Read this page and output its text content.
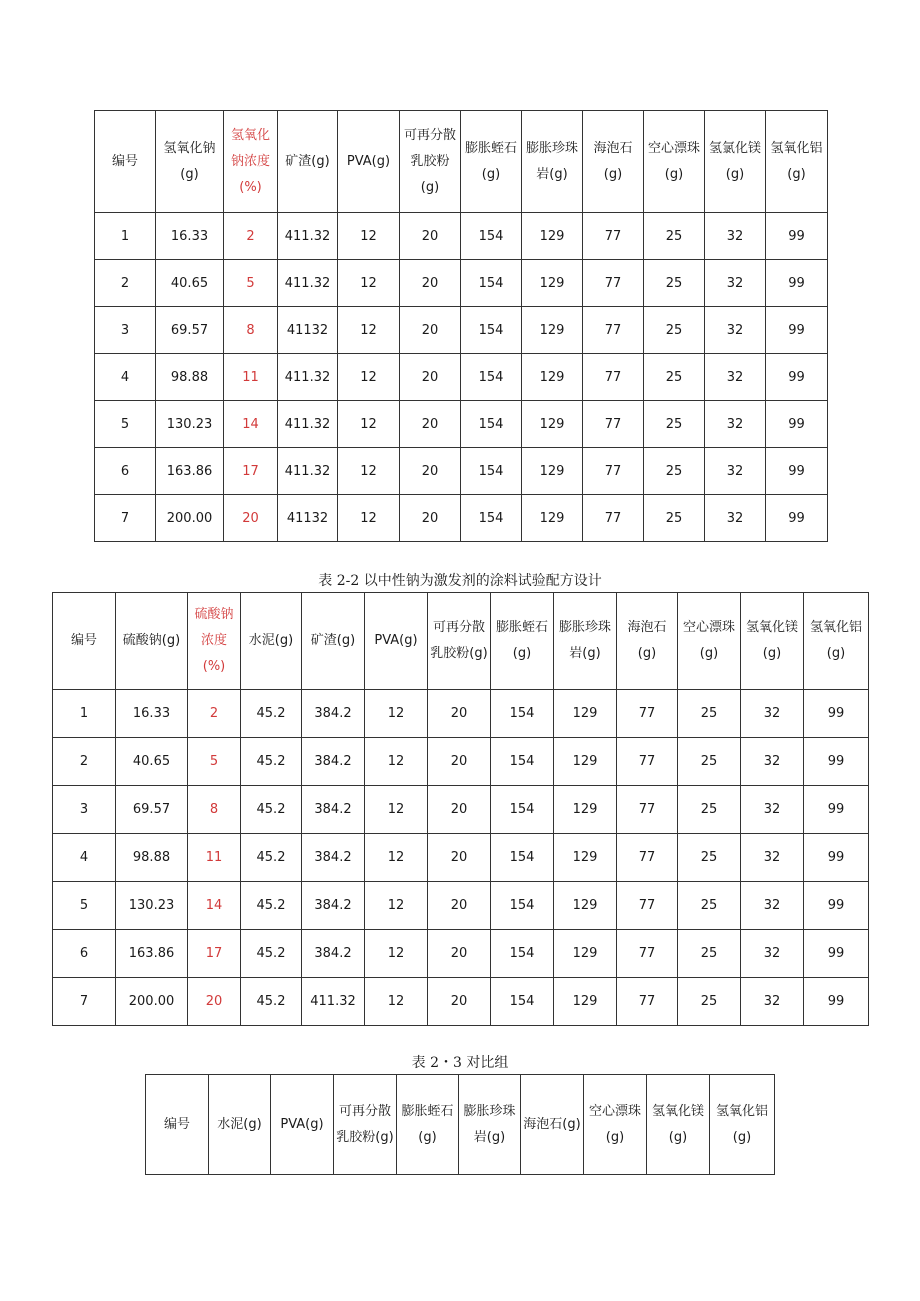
编号	氢氧化钠(g)	氢氧化钠浓度(%)	矿渣(g)	PVA(g)	可再分散乳胶粉(g)	膨胀蛭石(g)	膨胀珍珠岩(g)	海泡石(g)	空心漂珠(g)	氢氯化镁(g)	氢氧化铝(g)
1	16.33	2	411.32	12	20	154	129	77	25	32	99
2	40.65	5	411.32	12	20	154	129	77	25	32	99
3	69.57	8	41132	12	20	154	129	77	25	32	99
4	98.88	11	411.32	12	20	154	129	77	25	32	99
5	130.23	14	411.32	12	20	154	129	77	25	32	99
6	163.86	17	411.32	12	20	154	129	77	25	32	99
7	200.00	20	41132	12	20	154	129	77	25	32	99
表 2-2 以中性钠为激发剂的涂料试验配方设计
编号	硫酸钠(g)	硫酸钠浓度(%)	水泥(g)	矿渣(g)	PVA(g)	可再分散乳胶粉(g)	膨胀蛭石(g)	膨胀珍珠岩(g)	海泡石(g)	空心漂珠(g)	氢氧化镁(g)	氢氧化铝(g)
1	16.33	2	45.2	384.2	12	20	154	129	77	25	32	99
2	40.65	5	45.2	384.2	12	20	154	129	77	25	32	99
3	69.57	8	45.2	384.2	12	20	154	129	77	25	32	99
4	98.88	11	45.2	384.2	12	20	154	129	77	25	32	99
5	130.23	14	45.2	384.2	12	20	154	129	77	25	32	99
6	163.86	17	45.2	384.2	12	20	154	129	77	25	32	99
7	200.00	20	45.2	411.32	12	20	154	129	77	25	32	99
表 2・3 对比组
编号	水泥(g)	PVA(g)	可再分散乳胶粉(g)	膨胀蛭石(g)	膨胀珍珠岩(g)	海泡石(g)	空心漂珠(g)	氢氧化镁(g)	氢氧化铝(g)
